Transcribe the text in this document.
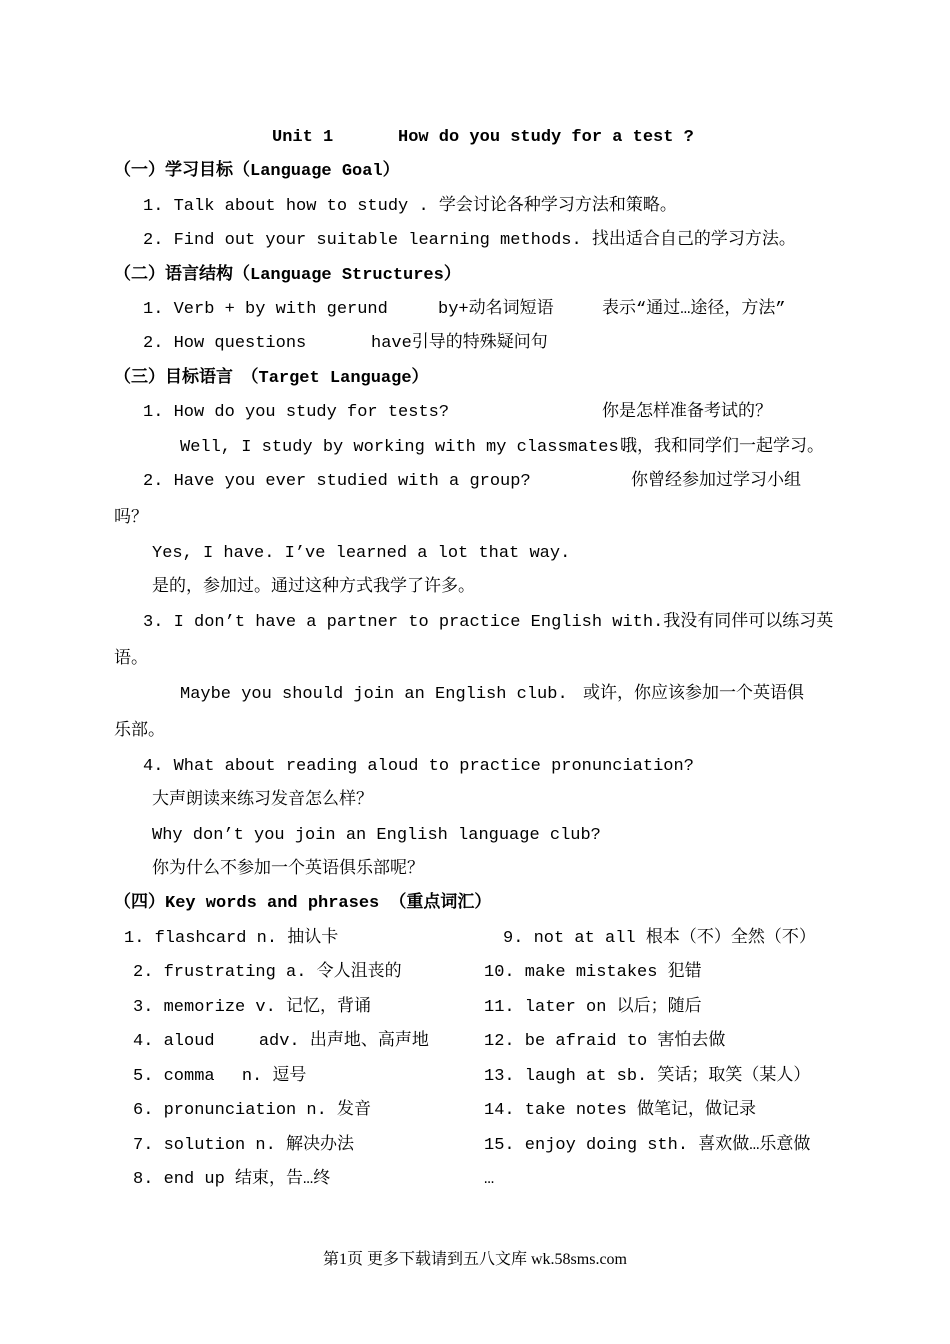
Unit 1	How do you study for a test ?
（一）学习目标（Language Goal）
1. Talk about how to study . 学会讨论各种学习方法和策略。
2. Find out your suitable learning methods. 找出适合自己的学习方法。
（二）语言结构（Language Structures）
1. Verb + by with gerund	by+动名词短语	表示“通过…途径，方法”
2. How questions	have引导的特殊疑问句
（三）目标语言　（Target Language）
1. How do you study for tests?	你是怎样准备考试的？
Well, I study by working with my classmates.
哦，我和同学们一起学习。
2. Have you ever studied with a group?	你曾经参加过学习小组
吗？
Yes, I have. I’ve learned a lot that way.
是的，参加过。通过这种方式我学了许多。
3. I don’t have a partner to practice English with.我没有同伴可以练习英
语。
Maybe you should join an English club. 或许，你应该参加一个英语俱
乐部。
4. What about reading aloud to practice pronunciation?
大声朗读来练习发音怎么样？
Why don’t you join an English language club?
你为什么不参加一个英语俱乐部呢？
（四）Key words and phrases （重点词汇）
1. flashcard n. 抽认卡
2. frustrating a. 令人沮丧的
3. memorize v. 记忆，背诵
4. aloud　　 adv. 出声地、高声地
5. comma　 n. 逗号
6. pronunciation n. 发音
7. solution n. 解决办法
8. end up 结束，告…终
9. not at all 根本（不）全然（不）
10. make mistakes 犯错
11. later on 以后；随后
12. be afraid to 害怕去做
13. laugh at sb. 笑话；取笑（某人）
14. take notes 做笔记，做记录
15. enjoy doing sth. 喜欢做…乐意做
…
第1页 更多下载请到五八文库 wk.58sms.com
